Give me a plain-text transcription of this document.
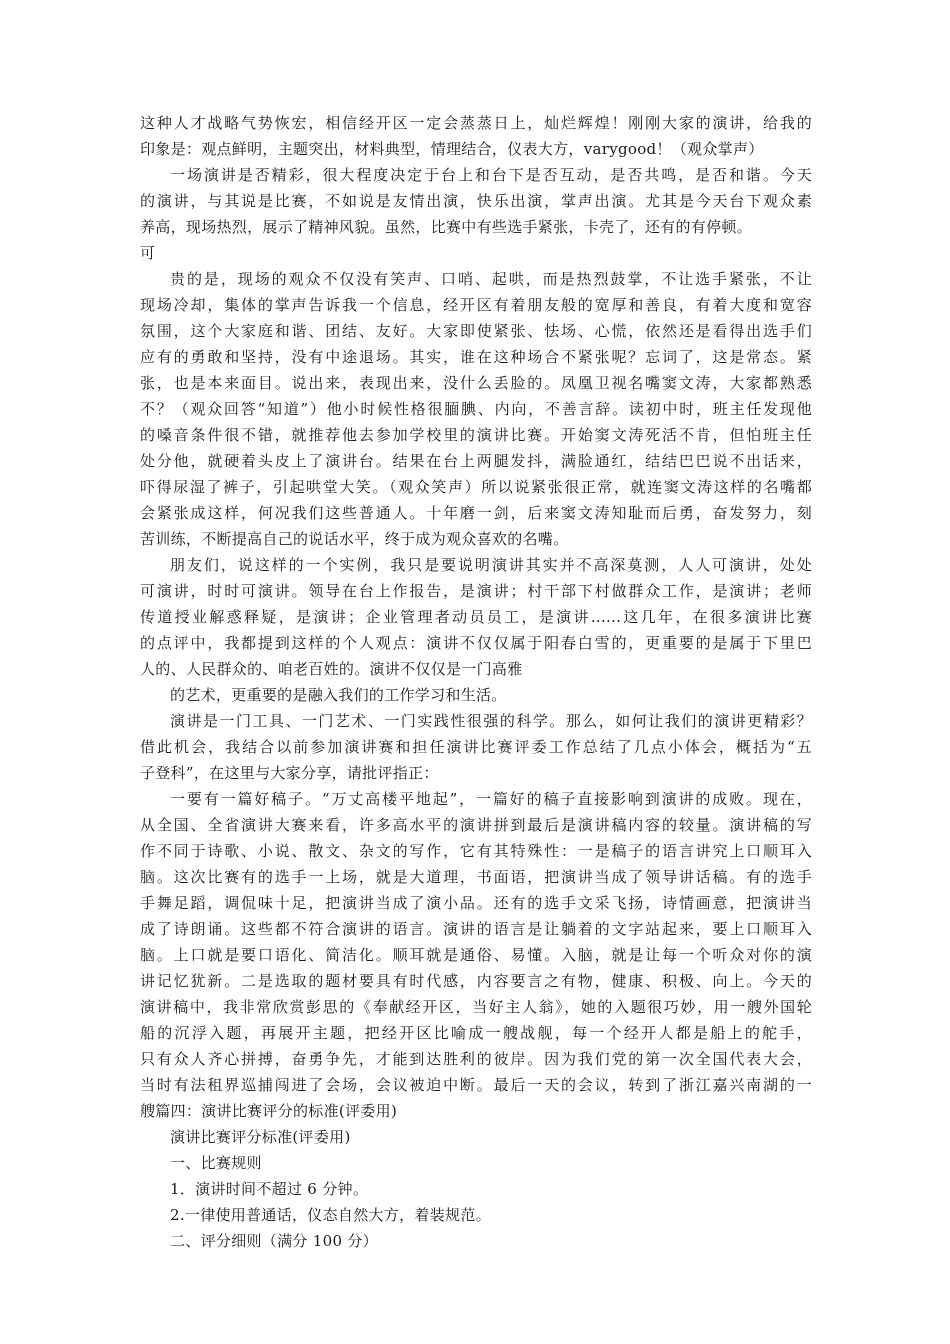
这种人才战略气势恢宏，相信经开区一定会蒸蒸日上，灿烂辉煌！刚刚大家的演讲，给我的
印象是：观点鲜明，主题突出，材料典型，情理结合，仪表大方，varygood！（观众掌声）
一场演讲是否精彩，很大程度决定于台上和台下是否互动，是否共鸣，是否和谐。今天
的演讲，与其说是比赛，不如说是友情出演，快乐出演，掌声出演。尤其是今天台下观众素
养高，现场热烈，展示了精神风貌。虽然，比赛中有些选手紧张，卡壳了，还有的有停顿。
可
贵的是，现场的观众不仅没有笑声、口哨、起哄，而是热烈鼓掌，不让选手紧张，不让
现场冷却，集体的掌声告诉我一个信息，经开区有着朋友般的宽厚和善良，有着大度和宽容
氛围，这个大家庭和谐、团结、友好。大家即使紧张、怯场、心慌，依然还是看得出选手们
应有的勇敢和坚持，没有中途退场。其实，谁在这种场合不紧张呢？忘词了，这是常态。紧
张，也是本来面目。说出来，表现出来，没什么丢脸的。凤凰卫视名嘴窦文涛，大家都熟悉
不？（观众回答“知道”）他小时候性格很腼腆、内向，不善言辞。读初中时，班主任发现他
的嗓音条件很不错，就推荐他去参加学校里的演讲比赛。开始窦文涛死活不肯，但怕班主任
处分他，就硬着头皮上了演讲台。结果在台上两腿发抖，满脸通红，结结巴巴说不出话来，
吓得尿湿了裤子，引起哄堂大笑。（观众笑声）所以说紧张很正常，就连窦文涛这样的名嘴都
会紧张成这样，何况我们这些普通人。十年磨一剑，后来窦文涛知耻而后勇，奋发努力，刻
苦训练，不断提高自己的说话水平，终于成为观众喜欢的名嘴。
朋友们，说这样的一个实例，我只是要说明演讲其实并不高深莫测，人人可演讲，处处
可演讲，时时可演讲。领导在台上作报告，是演讲；村干部下村做群众工作，是演讲；老师
传道授业解惑释疑，是演讲；企业管理者动员员工，是演讲......这几年，在很多演讲比赛
的点评中，我都提到这样的个人观点：演讲不仅仅属于阳春白雪的，更重要的是属于下里巴
人的、人民群众的、咱老百姓的。演讲不仅仅是一门高雅
的艺术，更重要的是融入我们的工作学习和生活。
演讲是一门工具、一门艺术、一门实践性很强的科学。那么，如何让我们的演讲更精彩？
借此机会，我结合以前参加演讲赛和担任演讲比赛评委工作总结了几点小体会，概括为“五
子登科”，在这里与大家分享，请批评指正：
一要有一篇好稿子。“万丈高楼平地起”，一篇好的稿子直接影响到演讲的成败。现在，
从全国、全省演讲大赛来看，许多高水平的演讲拼到最后是演讲稿内容的较量。演讲稿的写
作不同于诗歌、小说、散文、杂文的写作，它有其特殊性：一是稿子的语言讲究上口顺耳入
脑。这次比赛有的选手一上场，就是大道理，书面语，把演讲当成了领导讲话稿。有的选手
手舞足蹈，调侃味十足，把演讲当成了演小品。还有的选手文采飞扬，诗情画意，把演讲当
成了诗朗诵。这些都不符合演讲的语言。演讲的语言是让躺着的文字站起来，要上口顺耳入
脑。上口就是要口语化、简洁化。顺耳就是通俗、易懂。入脑，就是让每一个听众对你的演
讲记忆犹新。二是选取的题材要具有时代感，内容要言之有物，健康、积极、向上。今天的
演讲稿中，我非常欣赏彭思的《奉献经开区，当好主人翁》，她的入题很巧妙，用一艘外国轮
船的沉浮入题，再展开主题，把经开区比喻成一艘战舰，每一个经开人都是船上的舵手，
只有众人齐心拼搏，奋勇争先，才能到达胜利的彼岸。因为我们党的第一次全国代表大会，
当时有法租界巡捕闯进了会场，会议被迫中断。最后一天的会议，转到了浙江嘉兴南湖的一
艘篇四：演讲比赛评分的标准(评委用)
演讲比赛评分标准(评委用)
一、比赛规则
1．演讲时间不超过 6 分钟。
2.一律使用普通话，仪态自然大方，着装规范。
二、评分细则（满分 100 分）
